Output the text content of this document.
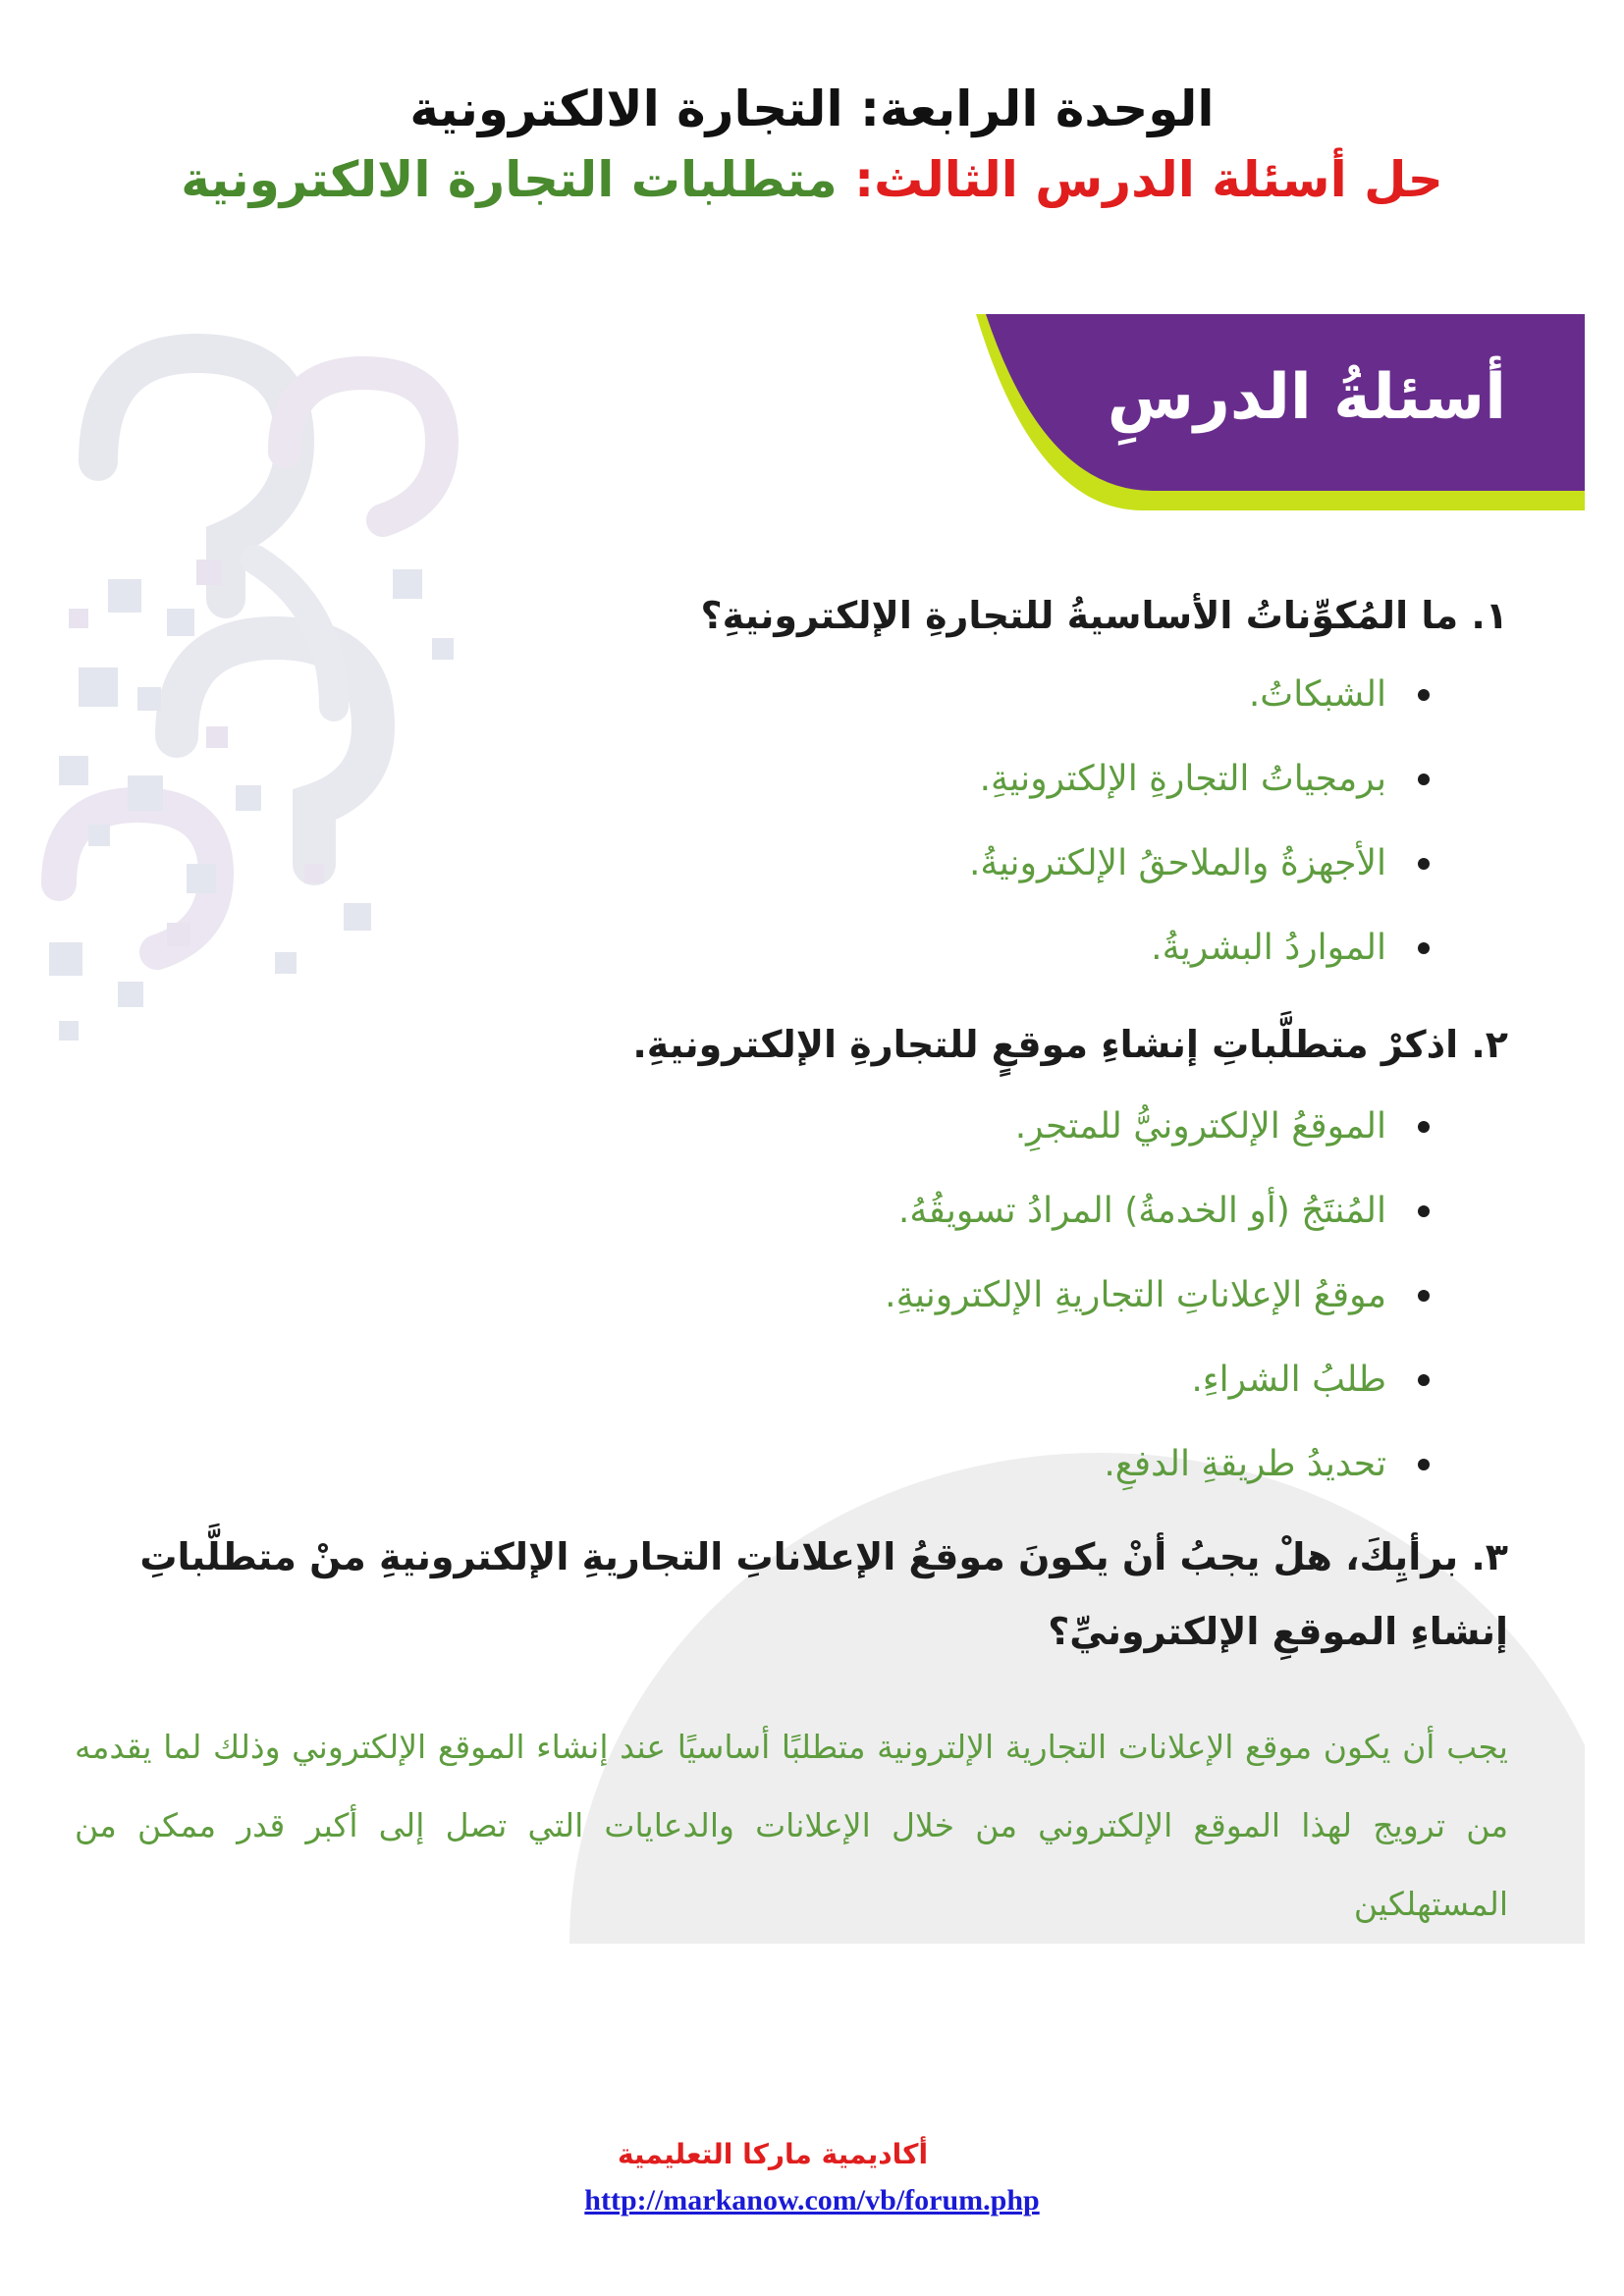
الوحدة الرابعة: التجارة الالكترونية

حل أسئلة الدرس الثالث: متطلبات التجارة الالكترونية

أسئلةُ الدرسِ

١. ما المُكوِّناتُ الأساسيةُ للتجارةِ الإلكترونيةِ؟

الشبكاتُ.
برمجياتُ التجارةِ الإلكترونيةِ.
الأجهزةُ والملاحقُ الإلكترونيةُ.
المواردُ البشريةُ.

٢. اذكرْ متطلَّباتِ إنشاءِ موقعٍ للتجارةِ الإلكترونيةِ.

الموقعُ الإلكترونيُّ للمتجرِ.
المُنتَجُ (أو الخدمةُ) المرادُ تسويقُهُ.
موقعُ الإعلاناتِ التجاريةِ الإلكترونيةِ.
طلبُ الشراءِ.
تحديدُ طريقةِ الدفعِ.

٣. برأيِكَ، هلْ يجبُ أنْ يكونَ موقعُ الإعلاناتِ التجاريةِ الإلكترونيةِ منْ متطلَّباتِ إنشاءِ الموقعِ الإلكترونيِّ؟

يجب أن يكون موقع الإعلانات التجارية الإلترونية متطلبًا أساسيًا عند إنشاء الموقع الإلكتروني وذلك لما يقدمه من ترويج لهذا الموقع الإلكتروني من خلال الإعلانات والدعايات التي تصل إلى أكبر قدر ممكن من المستهلكين

أكاديمية ماركا التعليمية

http://markanow.com/vb/forum.php
